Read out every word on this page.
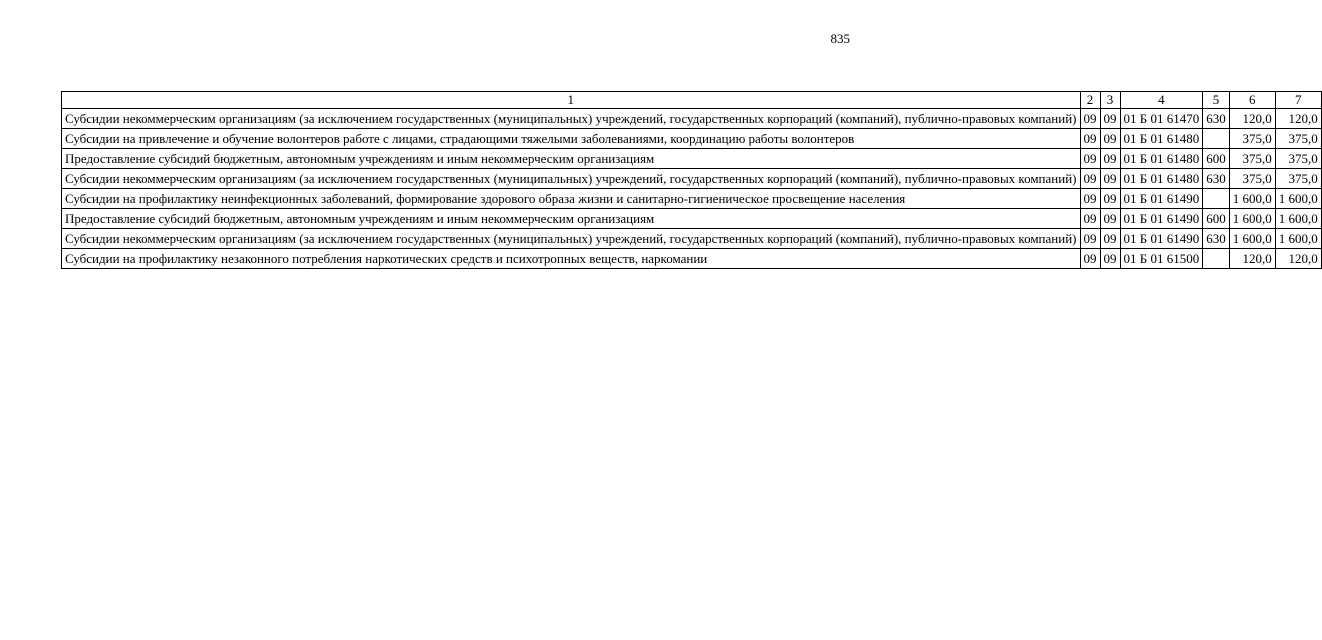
835
1	2	3	4	5	6	7
Субсидии некоммерческим организациям (за исключением государственных (муниципальных) учреждений, государственных корпораций (компаний), публично-правовых компаний)	09	09	01 Б 01 61470	630	120,0	120,0
Субсидии на привлечение и обучение волонтеров работе с лицами, страдающими тяжелыми заболеваниями, координацию работы волонтеров	09	09	01 Б 01 61480		375,0	375,0
Предоставление субсидий бюджетным, автономным учреждениям и иным некоммерческим организациям	09	09	01 Б 01 61480	600	375,0	375,0
Субсидии некоммерческим организациям (за исключением государственных (муниципальных) учреждений, государственных корпораций (компаний), публично-правовых компаний)	09	09	01 Б 01 61480	630	375,0	375,0
Субсидии на профилактику неинфекционных заболеваний, формирование здорового образа жизни и санитарно-гигиеническое просвещение населения	09	09	01 Б 01 61490		1 600,0	1 600,0
Предоставление субсидий бюджетным, автономным учреждениям и иным некоммерческим организациям	09	09	01 Б 01 61490	600	1 600,0	1 600,0
Субсидии некоммерческим организациям (за исключением государственных (муниципальных) учреждений, государственных корпораций (компаний), публично-правовых компаний)	09	09	01 Б 01 61490	630	1 600,0	1 600,0
Субсидии на профилактику незаконного потребления наркотических средств и психотропных веществ, наркомании	09	09	01 Б 01 61500		120,0	120,0
